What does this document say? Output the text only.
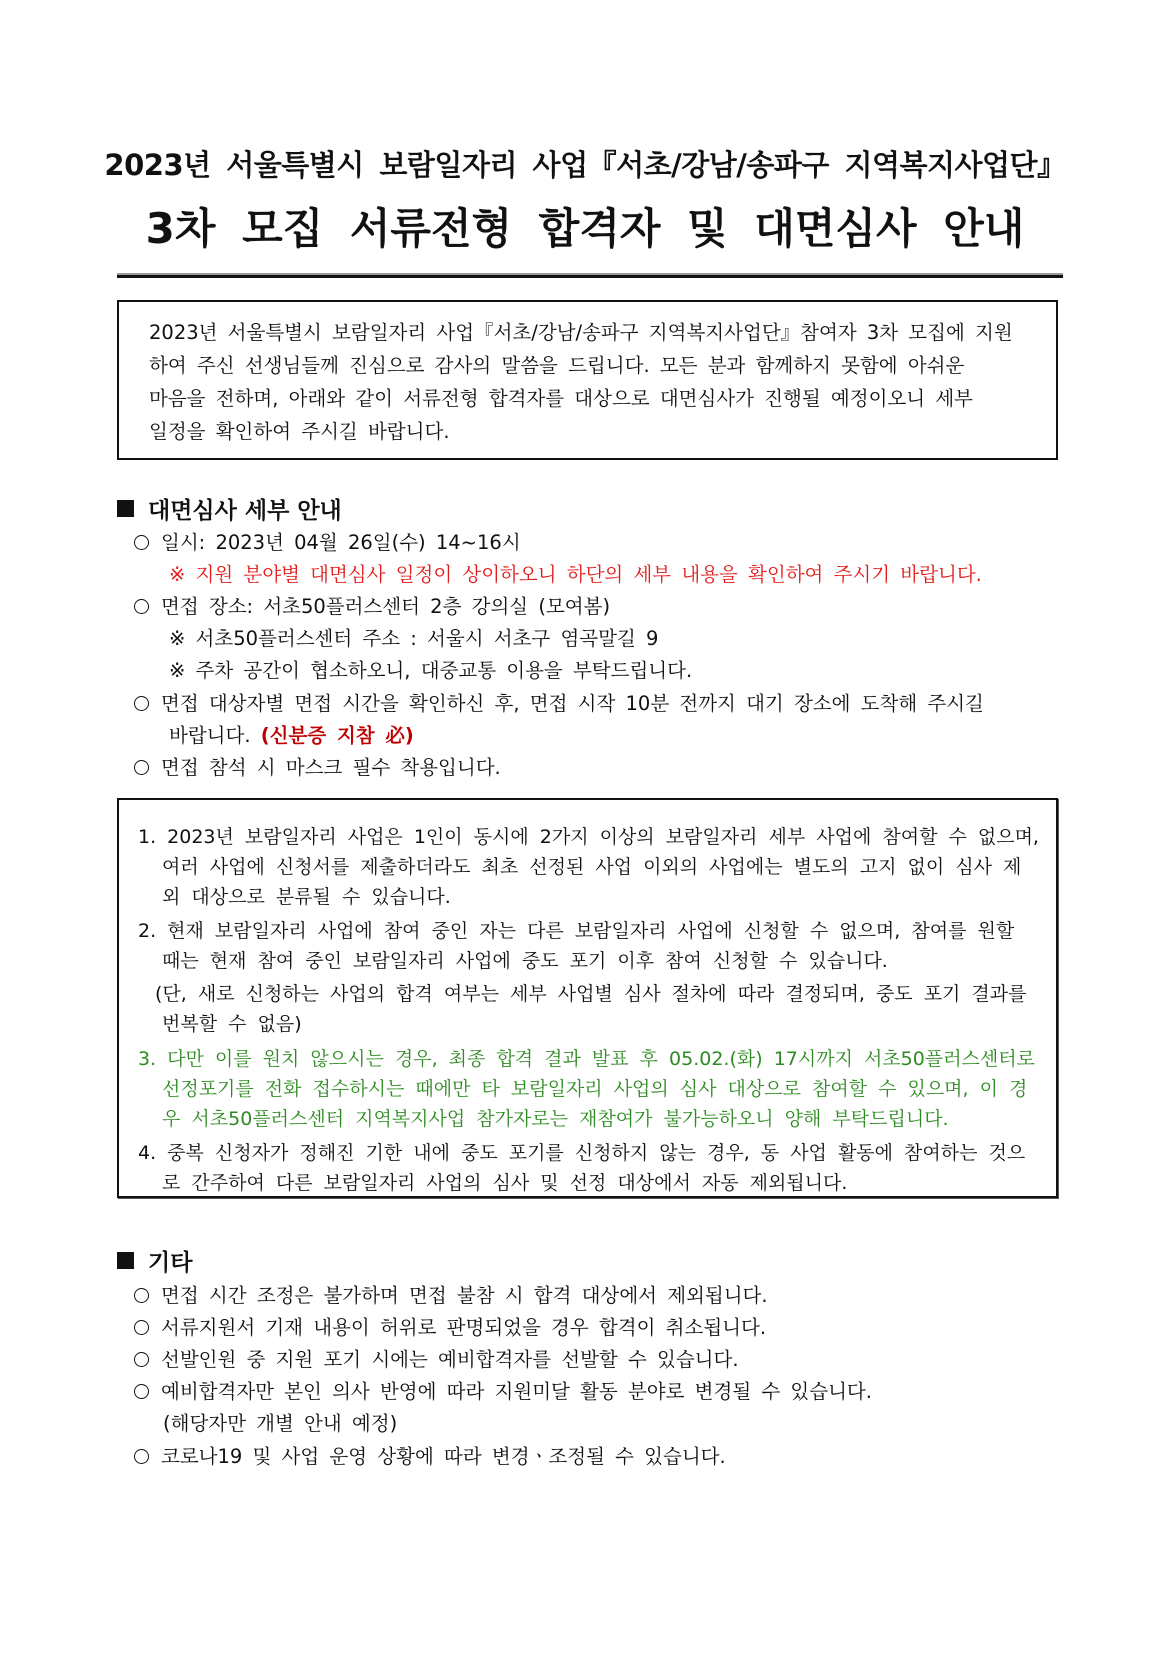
2023년 서울특별시 보람일자리 사업『서초/강남/송파구 지역복지사업단』
3차 모집 서류전형 합격자 및 대면심사 안내

2023년 서울특별시 보람일자리 사업『서초/강남/송파구 지역복지사업단』참여자 3차 모집에 지원

하여 주신 선생님들께 진심으로 감사의 말씀을 드립니다. 모든 분과 함께하지 못함에 아쉬운

마음을 전하며, 아래와 같이 서류전형 합격자를 대상으로 대면심사가 진행될 예정이오니 세부

일정을 확인하여 주시길 바랍니다.

대면심사 세부 안내
일시: 2023년 04월 26일(수) 14~16시
※ 지원 분야별 대면심사 일정이 상이하오니 하단의 세부 내용을 확인하여 주시기 바랍니다.
면접 장소: 서초50플러스센터 2층 강의실 (모여봄)
※ 서초50플러스센터 주소 : 서울시 서초구 염곡말길 9
※ 주차 공간이 협소하오니, 대중교통 이용을 부탁드립니다.
면접 대상자별 면접 시간을 확인하신 후, 면접 시작 10분 전까지 대기 장소에 도착해 주시길
바랍니다. (신분증 지참 必)
면접 참석 시 마스크 필수 착용입니다.
1. 2023년 보람일자리 사업은 1인이 동시에 2가지 이상의 보람일자리 세부 사업에 참여할 수 없으며,
여러 사업에 신청서를 제출하더라도 최초 선정된 사업 이외의 사업에는 별도의 고지 없이 심사 제
외 대상으로 분류될 수 있습니다.
2. 현재 보람일자리 사업에 참여 중인 자는 다른 보람일자리 사업에 신청할 수 없으며, 참여를 원할
때는 현재 참여 중인 보람일자리 사업에 중도 포기 이후 참여 신청할 수 있습니다.
(단, 새로 신청하는 사업의 합격 여부는 세부 사업별 심사 절차에 따라 결정되며, 중도 포기 결과를
번복할 수 없음)
3. 다만 이를 원치 않으시는 경우, 최종 합격 결과 발표 후 05.02.(화) 17시까지 서초50플러스센터로
선정포기를 전화 접수하시는 때에만 타 보람일자리 사업의 심사 대상으로 참여할 수 있으며, 이 경
우 서초50플러스센터 지역복지사업 참가자로는 재참여가 불가능하오니 양해 부탁드립니다.
4. 중복 신청자가 정해진 기한 내에 중도 포기를 신청하지 않는 경우, 동 사업 활동에 참여하는 것으
로 간주하여 다른 보람일자리 사업의 심사 및 선정 대상에서 자동 제외됩니다.
기타
면접 시간 조정은 불가하며 면접 불참 시 합격 대상에서 제외됩니다.
서류지원서 기재 내용이 허위로 판명되었을 경우 합격이 취소됩니다.
선발인원 중 지원 포기 시에는 예비합격자를 선발할 수 있습니다.
예비합격자만 본인 의사 반영에 따라 지원미달 활동 분야로 변경될 수 있습니다.
(해당자만 개별 안내 예정)
코로나19 및 사업 운영 상황에 따라 변경ㆍ조정될 수 있습니다.
